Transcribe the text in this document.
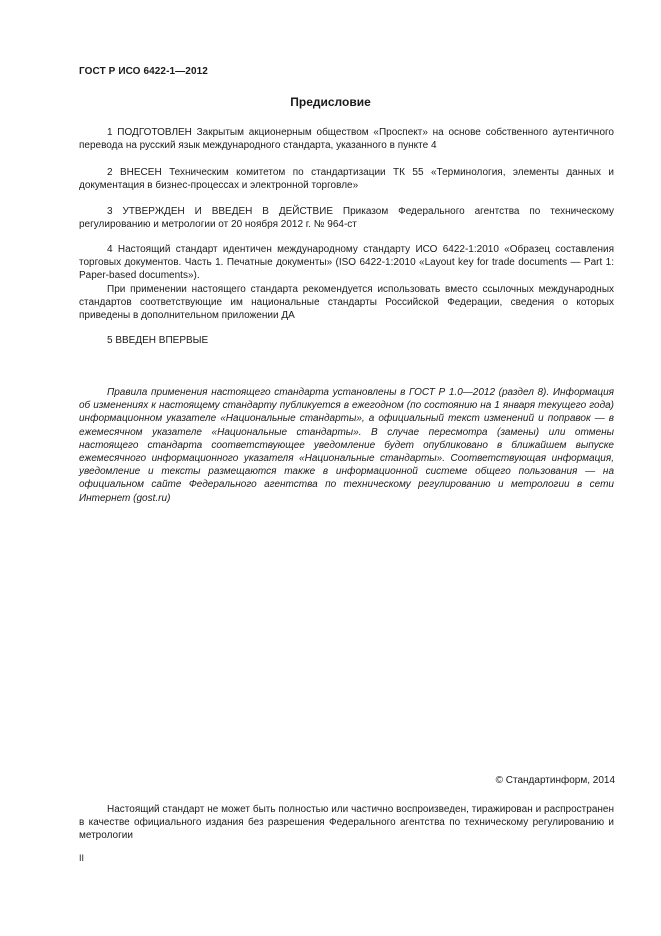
ГОСТ Р ИСО 6422-1—2012
Предисловие

1 ПОДГОТОВЛЕН Закрытым акционерным обществом «Проспект» на основе собственного аутентичного перевода на русский язык международного стандарта, указанного в пункте 4

2 ВНЕСЕН Техническим комитетом по стандартизации ТК 55 «Терминология, элементы данных и документация в бизнес-процессах и электронной торговле»

3 УТВЕРЖДЕН И ВВЕДЕН В ДЕЙСТВИЕ Приказом Федерального агентства по техническому регулированию и метрологии от 20 ноября 2012 г. № 964-ст

4 Настоящий стандарт идентичен международному стандарту ИСО 6422-1:2010 «Образец составления торговых документов. Часть 1. Печатные документы» (ISO 6422-1:2010 «Layout key for trade documents — Part 1: Paper-based documents»).

При применении настоящего стандарта рекомендуется использовать вместо ссылочных международных стандартов соответствующие им национальные стандарты Российской Федерации, сведения о которых приведены в дополнительном приложении ДА

5 ВВЕДЕН ВПЕРВЫЕ

Правила применения настоящего стандарта установлены в ГОСТ Р 1.0—2012 (раздел 8). Информация об изменениях к настоящему стандарту публикуется в ежегодном (по состоянию на 1 января текущего года) информационном указателе «Национальные стандарты», а официальный текст изменений и поправок — в ежемесячном указателе «Национальные стандарты». В случае пересмотра (замены) или отмены настоящего стандарта соответствующее уведомление будет опубликовано в ближайшем выпуске ежемесячного информационного указателя «Национальные стандарты». Соответствующая информация, уведомление и тексты размещаются также в информационной системе общего пользования — на официальном сайте Федерального агентства по техническому регулированию и метрологии в сети Интернет (gost.ru)

© Стандартинформ, 2014

Настоящий стандарт не может быть полностью или частично воспроизведен, тиражирован и распространен в качестве официального издания без разрешения Федерального агентства по техническому регулированию и метрологии

II
